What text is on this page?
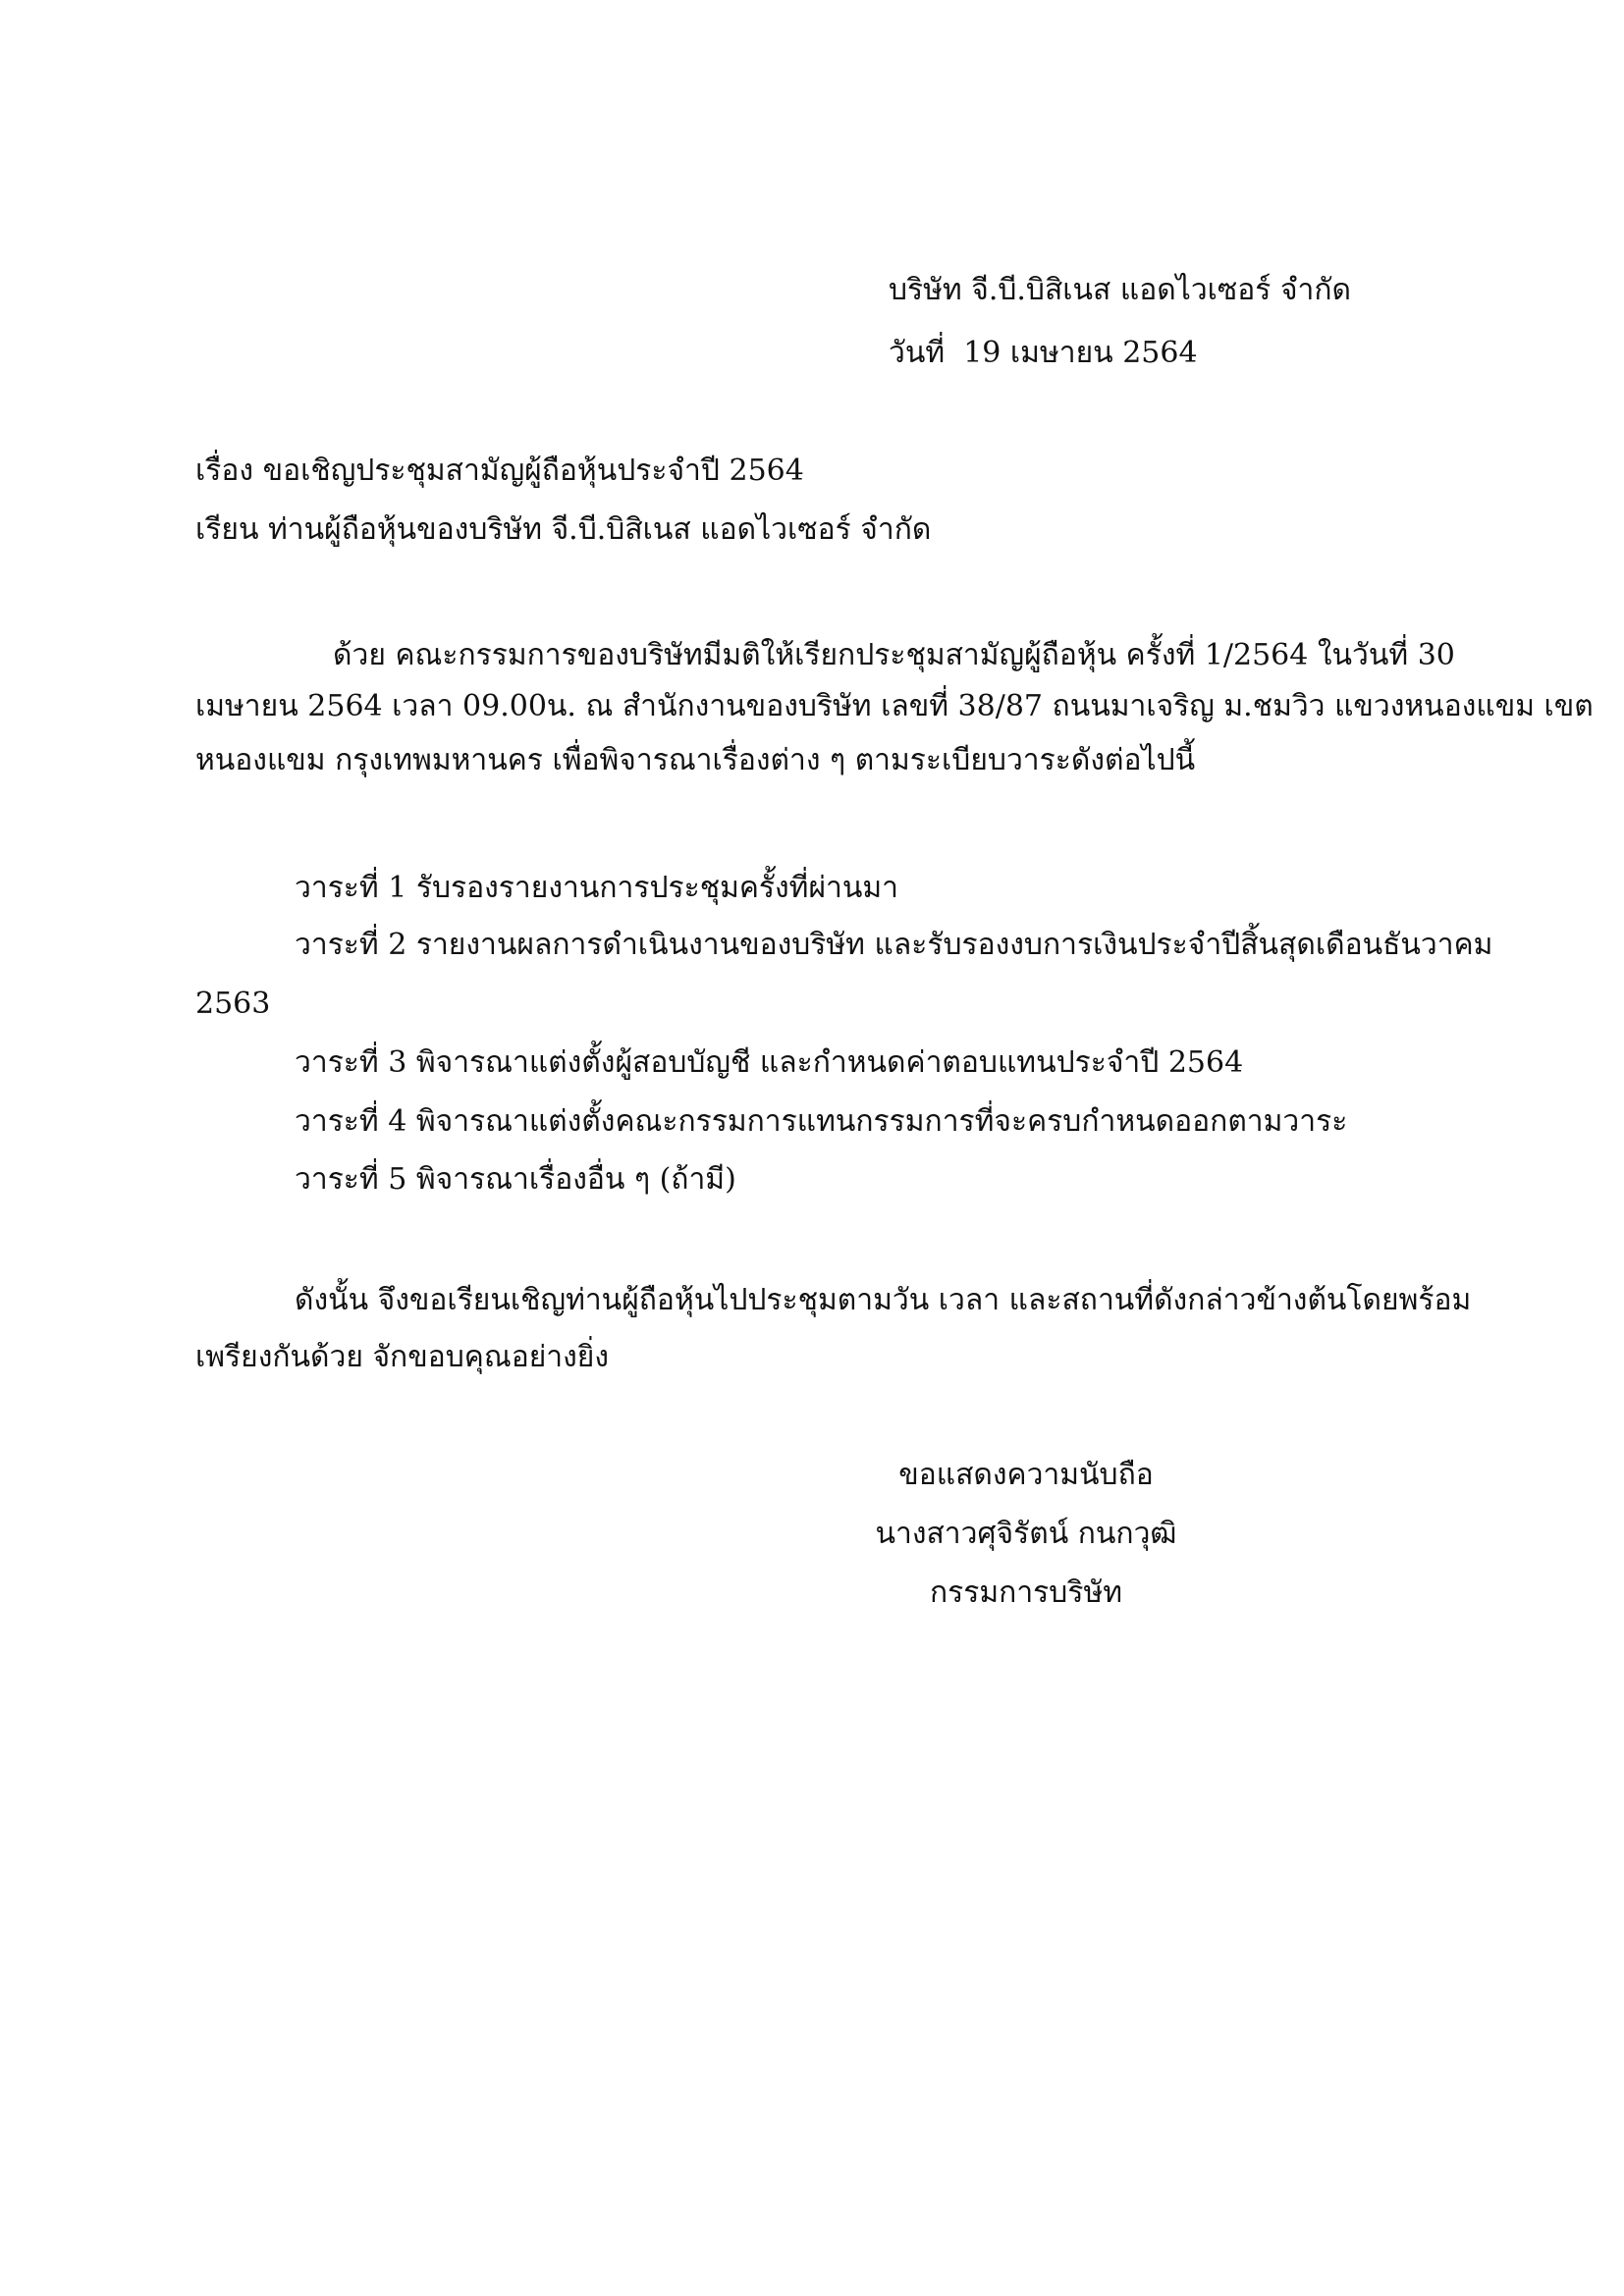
บริษัท จี.บี.บิสิเนส แอดไวเซอร์ จำกัด
วันที่ 19 เมษายน 2564
เรื่อง ขอเชิญประชุมสามัญผู้ถือหุ้นประจำปี 2564
เรียน ท่านผู้ถือหุ้นของบริษัท จี.บี.บิสิเนส แอดไวเซอร์ จำกัด
ด้วย คณะกรรมการของบริษัทมีมติให้เรียกประชุมสามัญผู้ถือหุ้น ครั้งที่ 1/2564 ในวันที่ 30
เมษายน 2564 เวลา 09.00น. ณ สำนักงานของบริษัท เลขที่ 38/87 ถนนมาเจริญ ม.ชมวิว แขวงหนองแขม เขต
หนองแขม กรุงเทพมหานคร เพื่อพิจารณาเรื่องต่าง ๆ ตามระเบียบวาระดังต่อไปนี้
วาระที่ 1 รับรองรายงานการประชุมครั้งที่ผ่านมา
วาระที่ 2 รายงานผลการดำเนินงานของบริษัท และรับรองงบการเงินประจำปีสิ้นสุดเดือนธันวาคม
2563
วาระที่ 3 พิจารณาแต่งตั้งผู้สอบบัญชี และกำหนดค่าตอบแทนประจำปี 2564
วาระที่ 4 พิจารณาแต่งตั้งคณะกรรมการแทนกรรมการที่จะครบกำหนดออกตามวาระ
วาระที่ 5 พิจารณาเรื่องอื่น ๆ (ถ้ามี)
ดังนั้น จึงขอเรียนเชิญท่านผู้ถือหุ้นไปประชุมตามวัน เวลา และสถานที่ดังกล่าวข้างต้นโดยพร้อม
เพรียงกันด้วย จักขอบคุณอย่างยิ่ง
ขอแสดงความนับถือ
นางสาวศุจิรัตน์ กนกวุฒิ
กรรมการบริษัท
